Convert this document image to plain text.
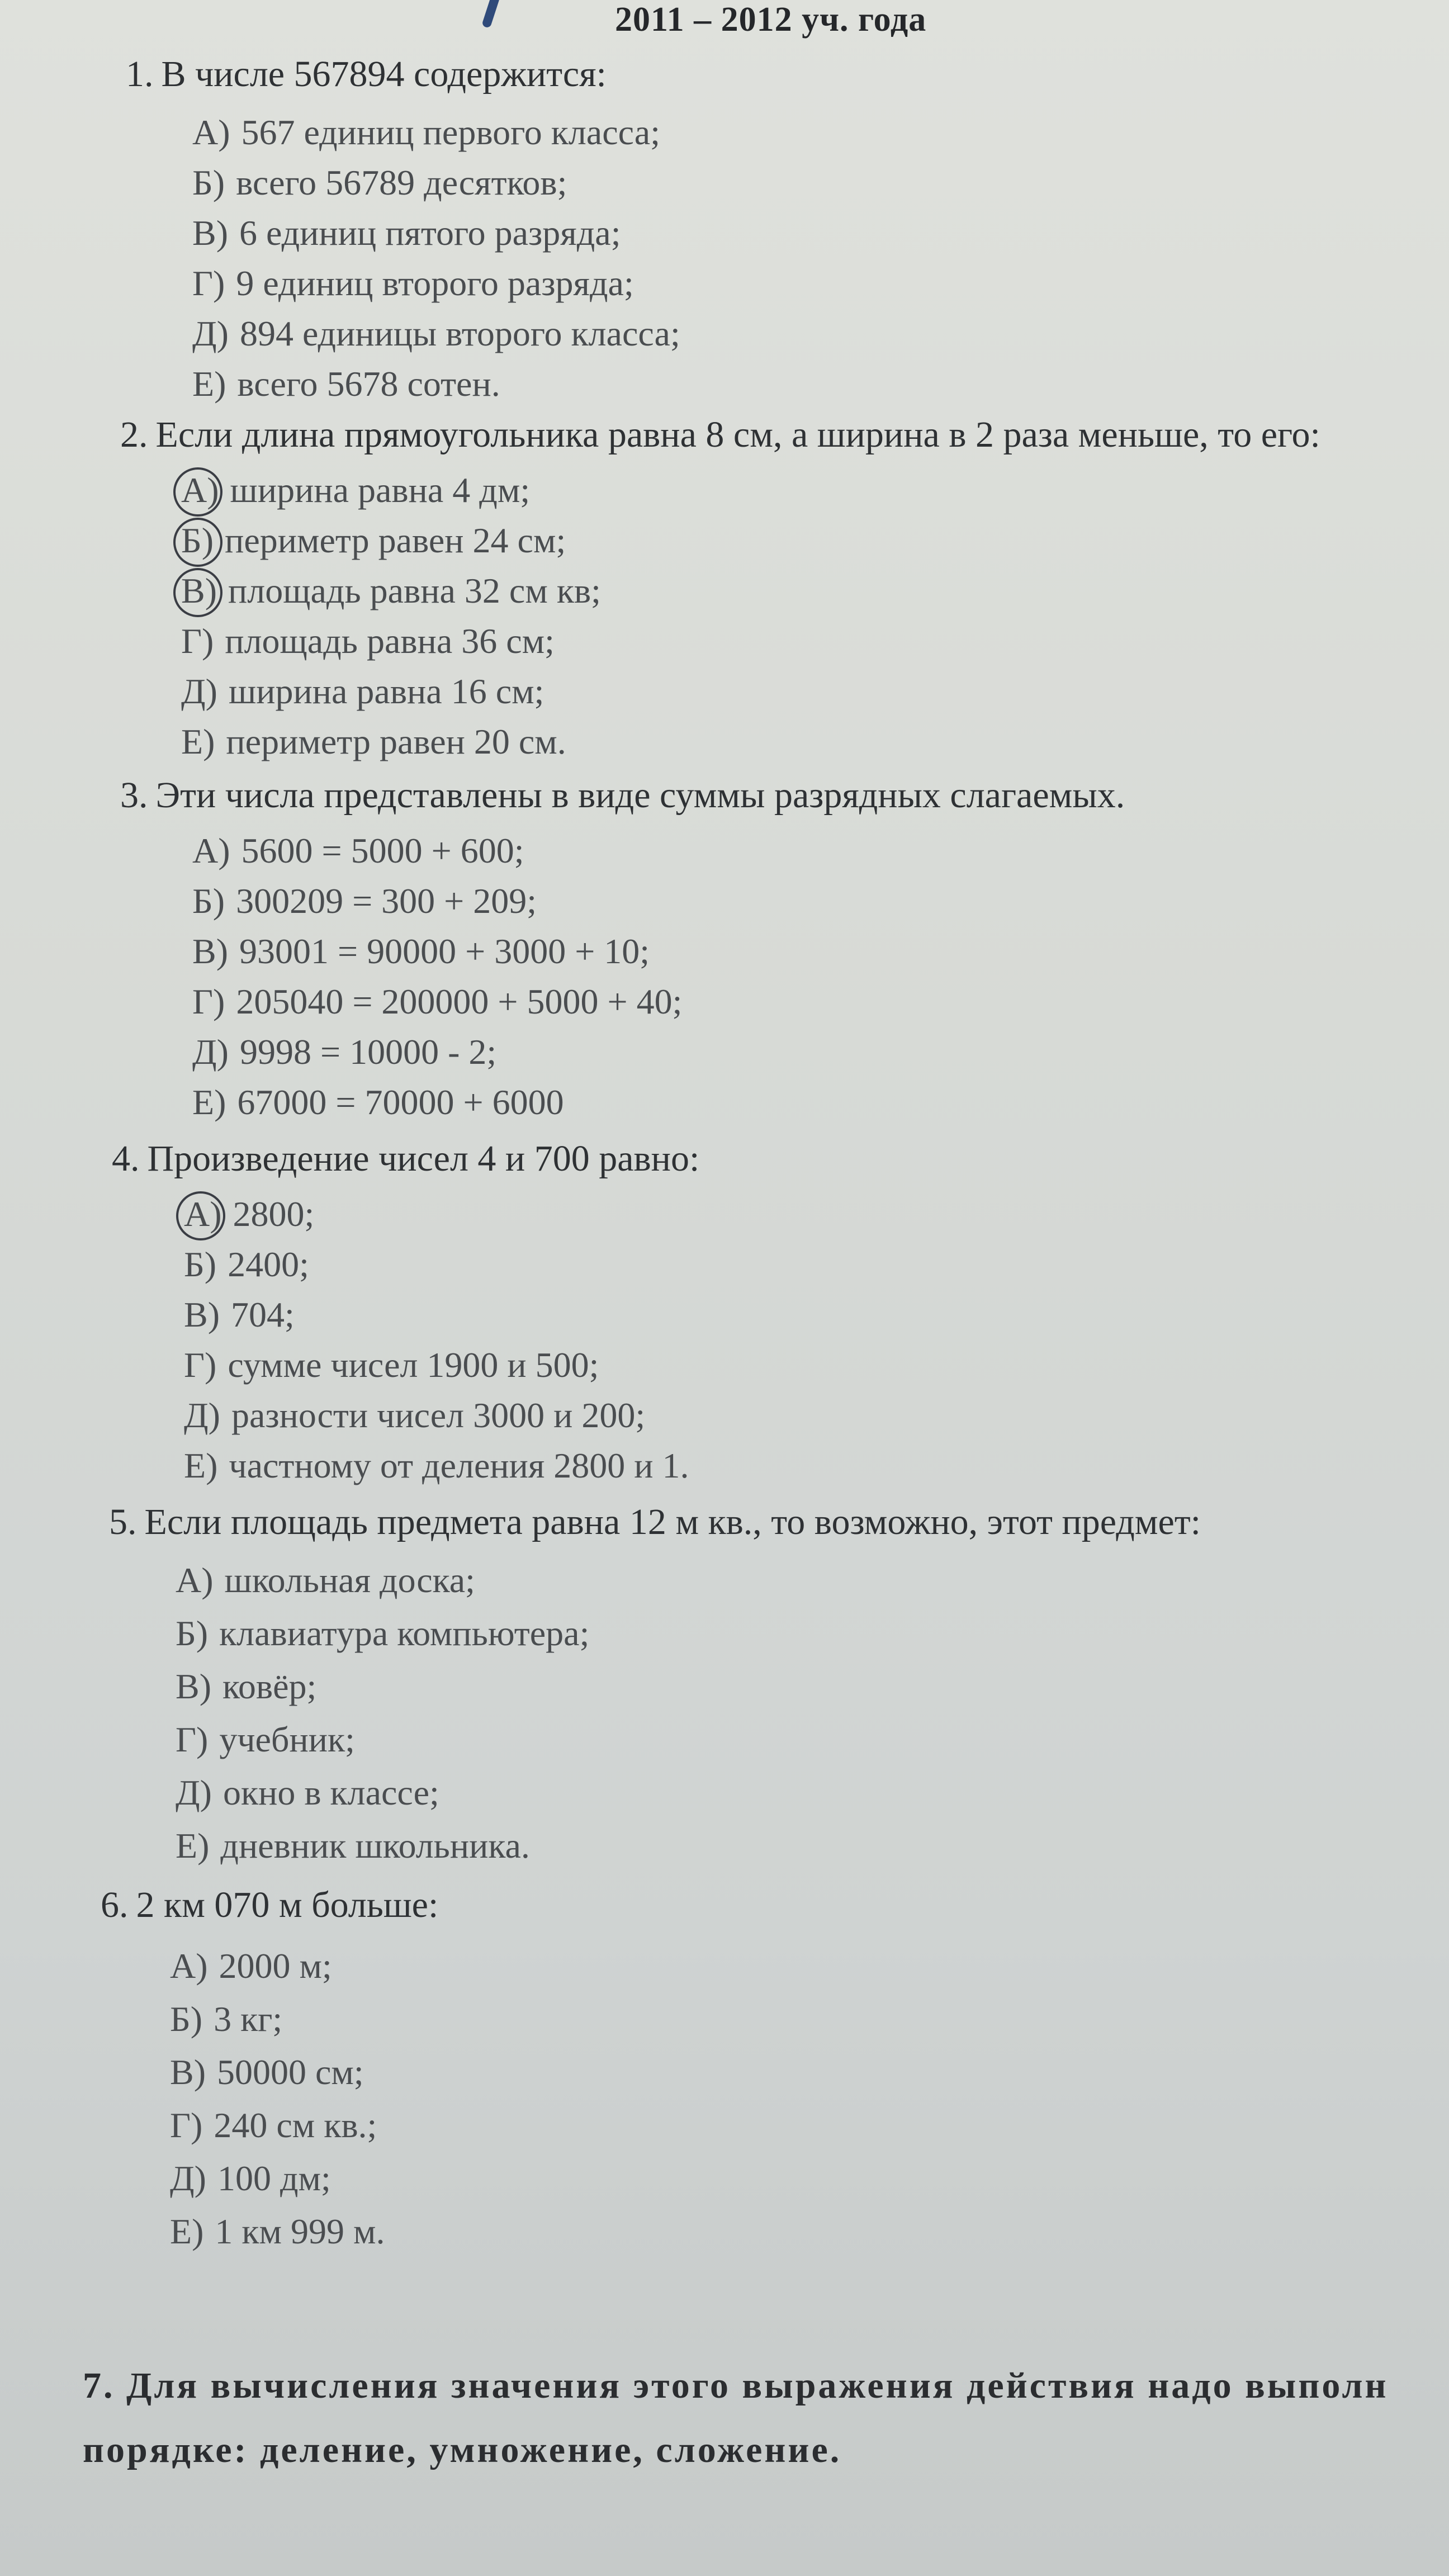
2011 – 2012 уч. года
1. В числе 567894 содержится:
А) 567 единиц первого класса;
Б) всего 56789 десятков;
В) 6 единиц пятого разряда;
Г) 9 единиц второго разряда;
Д) 894 единицы второго класса;
Е) всего 5678 сотен.
2. Если длина прямоугольника равна 8 см, а ширина в 2 раза меньше, то его:
А) ширина равна 4 дм;
Б) периметр равен 24 см;
В) площадь равна 32 см кв;
Г) площадь равна 36 см;
Д) ширина равна 16 см;
Е) периметр равен 20 см.
3. Эти числа представлены в виде суммы разрядных слагаемых.
А) 5600 = 5000 + 600;
Б) 300209 = 300 + 209;
В) 93001 = 90000 + 3000 + 10;
Г) 205040 = 200000 + 5000 + 40;
Д) 9998 = 10000 - 2;
Е) 67000 = 70000 + 6000
4. Произведение чисел 4 и 700 равно:
А) 2800;
Б) 2400;
В) 704;
Г) сумме чисел 1900 и 500;
Д) разности чисел 3000 и 200;
Е) частному от деления 2800 и 1.
5. Если площадь предмета равна 12 м кв., то возможно, этот предмет:
А) школьная доска;
Б) клавиатура компьютера;
В) ковёр;
Г) учебник;
Д) окно в классе;
Е) дневник школьника.
6. 2 км 070 м больше:
А) 2000 м;
Б) 3 кг;
В) 50000 см;
Г) 240 см кв.;
Д) 100 дм;
Е) 1 км 999 м.
7. Для вычисления значения этого выражения действия надо выполн
порядке: деление, умножение, сложение.
